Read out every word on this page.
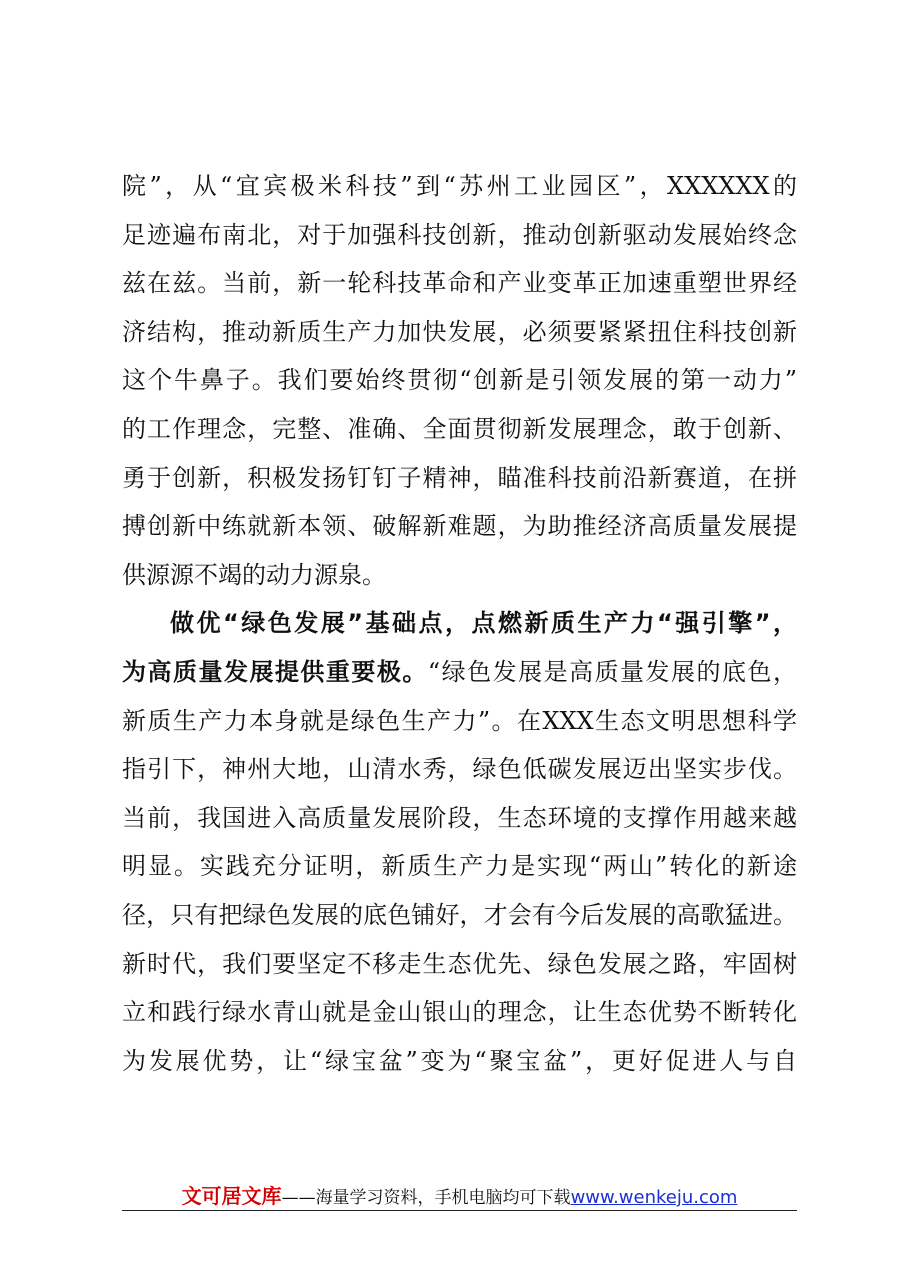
院”，从“宜宾极米科技”到“苏州工业园区”，XXXXXX的
足迹遍布南北，对于加强科技创新，推动创新驱动发展始终念
兹在兹。当前，新一轮科技革命和产业变革正加速重塑世界经
济结构，推动新质生产力加快发展，必须要紧紧扭住科技创新
这个牛鼻子。我们要始终贯彻“创新是引领发展的第一动力”
的工作理念，完整、准确、全面贯彻新发展理念，敢于创新、
勇于创新，积极发扬钉钉子精神，瞄准科技前沿新赛道，在拼
搏创新中练就新本领、破解新难题，为助推经济高质量发展提
供源源不竭的动力源泉。
做优“绿色发展”基础点，点燃新质生产力“强引擎”，
为高质量发展提供重要极。“绿色发展是高质量发展的底色，
新质生产力本身就是绿色生产力”。在XXX生态文明思想科学
指引下，神州大地，山清水秀，绿色低碳发展迈出坚实步伐。
当前，我国进入高质量发展阶段，生态环境的支撑作用越来越
明显。实践充分证明，新质生产力是实现“两山”转化的新途
径，只有把绿色发展的底色铺好，才会有今后发展的高歌猛进。
新时代，我们要坚定不移走生态优先、绿色发展之路，牢固树
立和践行绿水青山就是金山银山的理念，让生态优势不断转化
为发展优势，让“绿宝盆”变为“聚宝盆”，更好促进人与自
文可居文库——海量学习资料，手机电脑均可下载www.wenkeju.com
